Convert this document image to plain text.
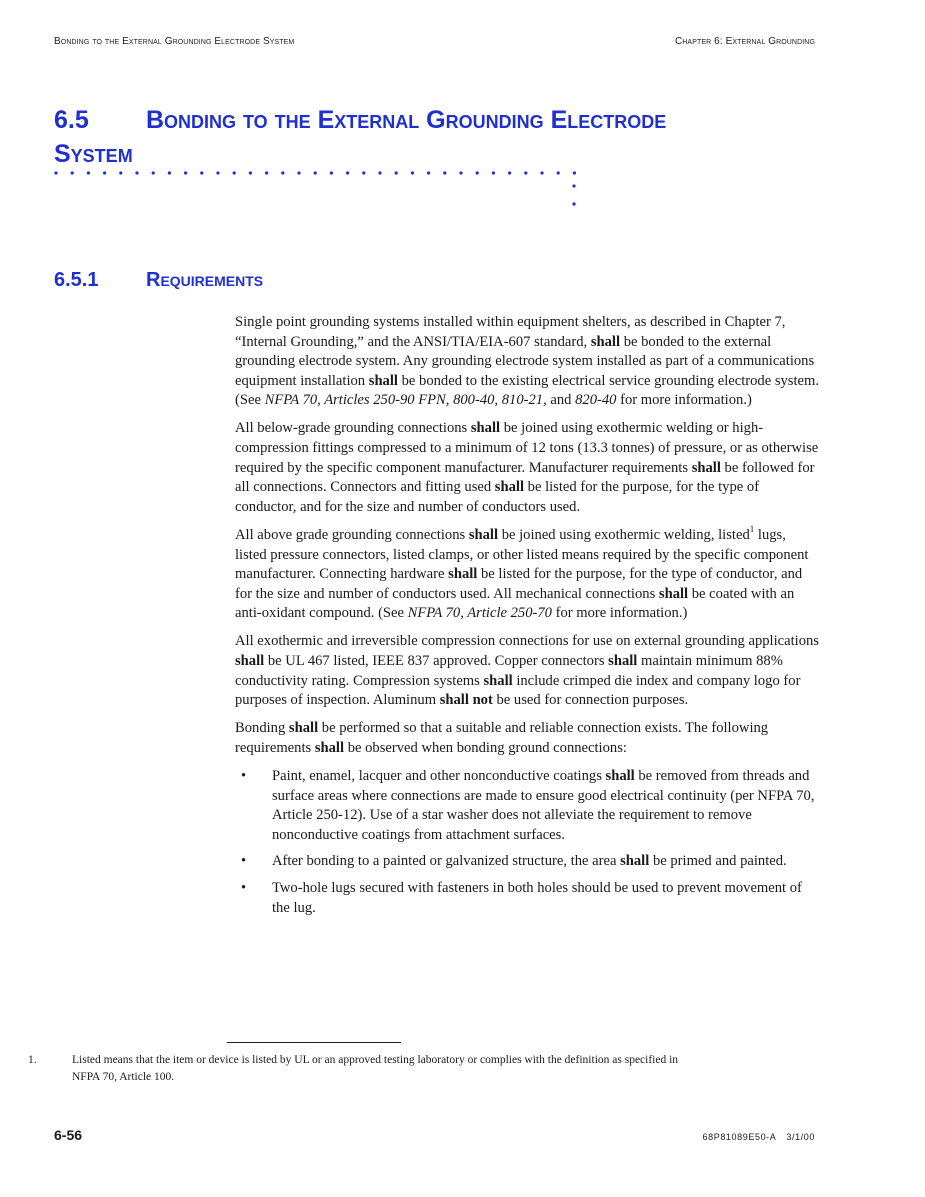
Bonding to the External Grounding Electrode System	Chapter 6: External Grounding
6.5 Bonding to the External Grounding Electrode
System
6.5.1 Requirements

Single point grounding systems installed within equipment shelters, as described in Chapter 7, “Internal Grounding,” and the ANSI/TIA/EIA-607 standard, shall be bonded to the external grounding electrode system. Any grounding electrode system installed as part of a communications equipment installation shall be bonded to the existing electrical service grounding electrode system. (See NFPA 70, Articles 250-90 FPN, 800-40, 810-21, and 820-40 for more information.)

All below-grade grounding connections shall be joined using exothermic welding or high-compression fittings compressed to a minimum of 12 tons (13.3 tonnes) of pressure, or as otherwise required by the specific component manufacturer. Manufacturer requirements shall be followed for all connections. Connectors and fitting used shall be listed for the purpose, for the type of conductor, and for the size and number of conductors used.

All above grade grounding connections shall be joined using exothermic welding, listed$^1$ lugs, listed pressure connectors, listed clamps, or other listed means required by the specific component manufacturer. Connecting hardware shall be listed for the purpose, for the type of conductor, and for the size and number of conductors used. All mechanical connections shall be coated with an anti-oxidant compound. (See NFPA 70, Article 250-70 for more information.)

All exothermic and irreversible compression connections for use on external grounding applications shall be UL 467 listed, IEEE 837 approved. Copper connectors shall maintain minimum 88% conductivity rating. Compression systems shall include crimped die index and company logo for purposes of inspection. Aluminum shall not be used for connection purposes.

Bonding shall be performed so that a suitable and reliable connection exists. The following requirements shall be observed when bonding ground connections:

• Paint, enamel, lacquer and other nonconductive coatings shall be removed from threads and surface areas where connections are made to ensure good electrical continuity (per NFPA 70, Article 250-12). Use of a star washer does not alleviate the requirement to remove nonconductive coatings from attachment surfaces.
• After bonding to a painted or galvanized structure, the area shall be primed and painted.
• Two-hole lugs secured with fasteners in both holes should be used to prevent movement of the lug.
1.	Listed means that the item or device is listed by UL or an approved testing laboratory or complies with the definition as specified in
NFPA 70, Article 100.
6-56	68P81089E50-A 3/1/00
